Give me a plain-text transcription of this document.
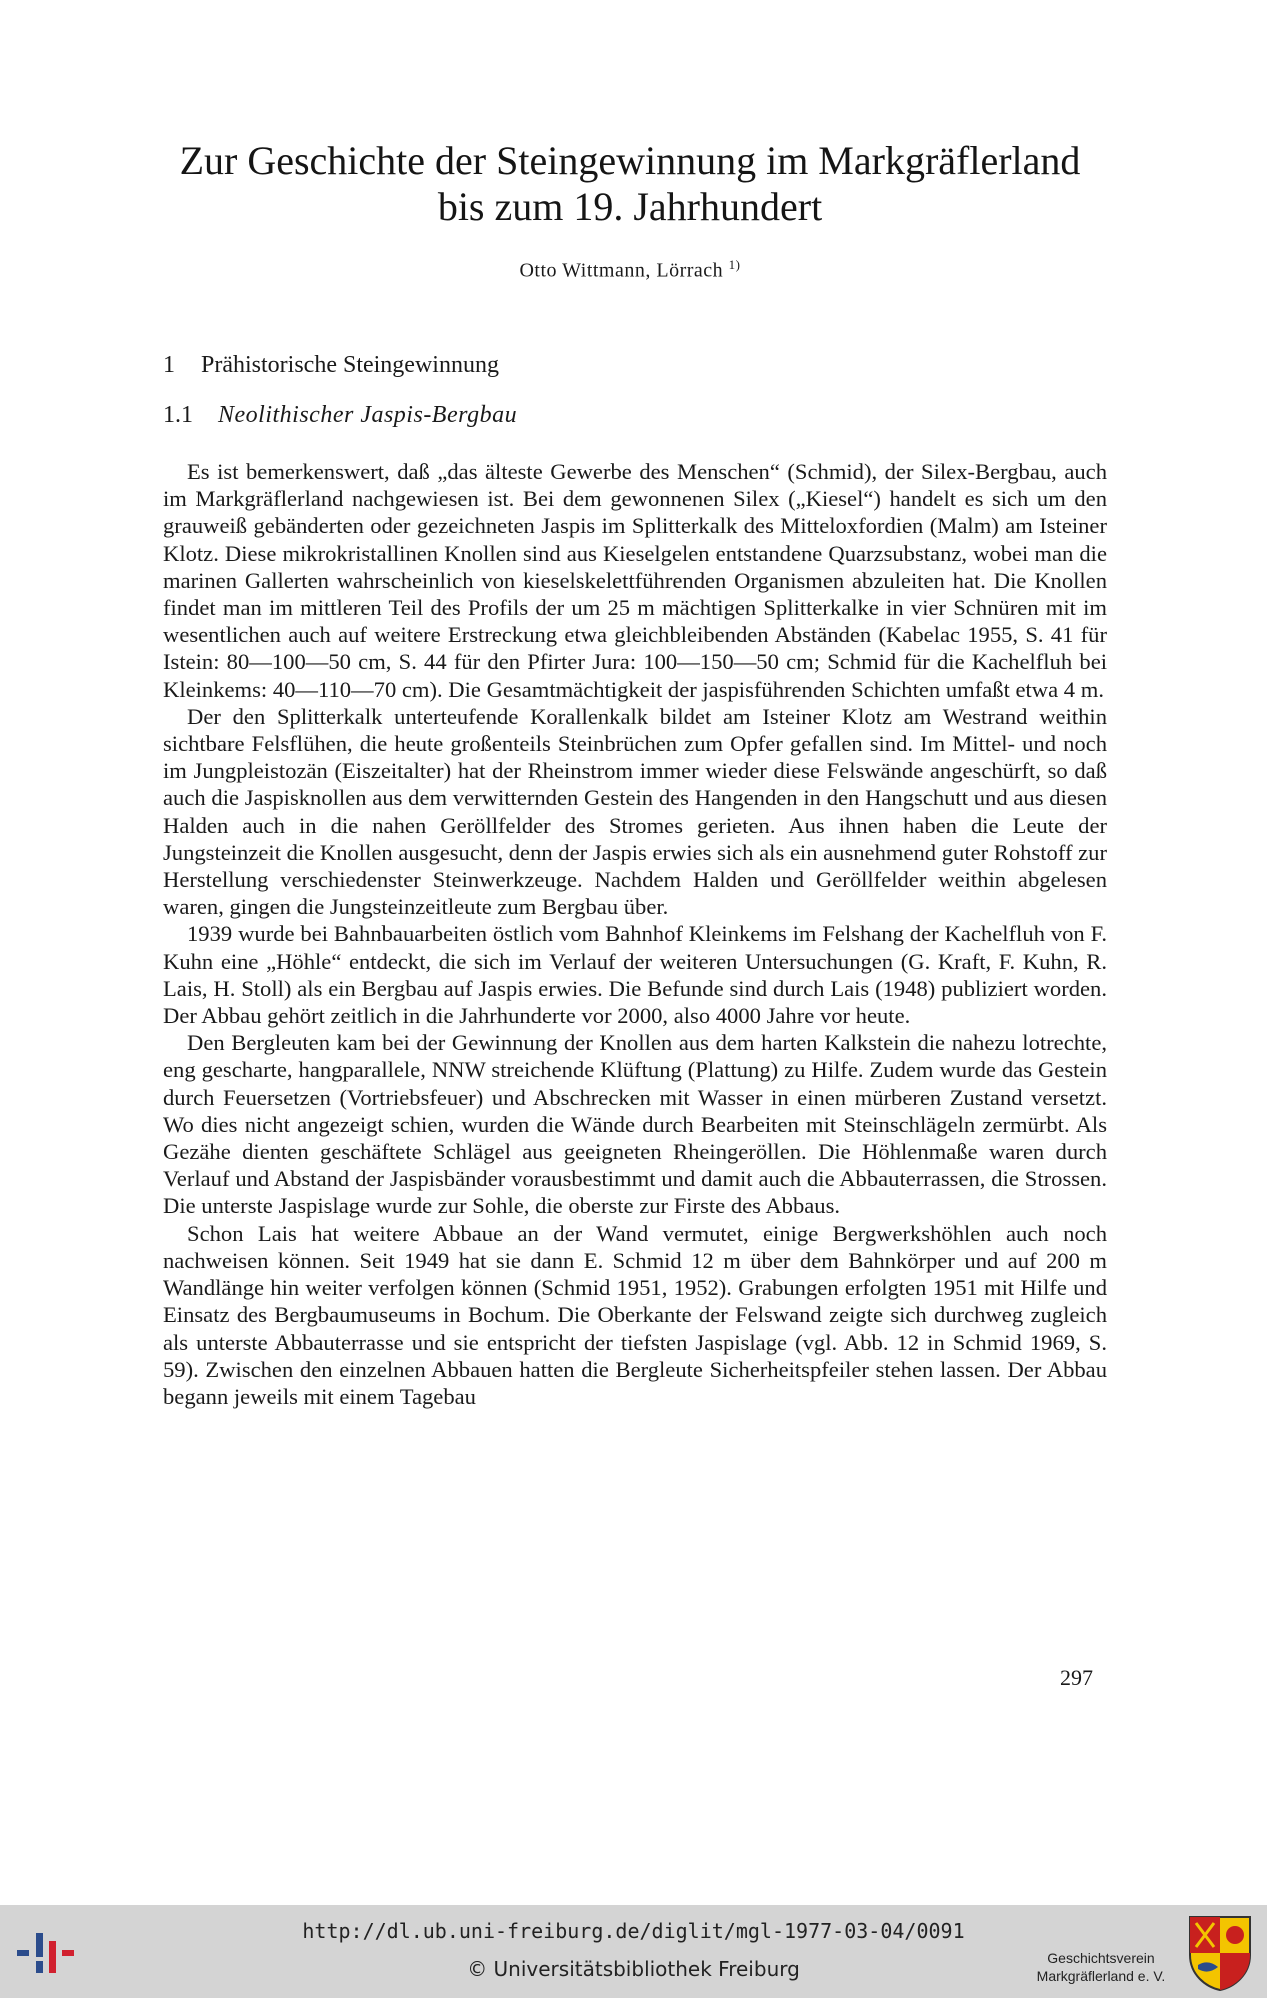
Zur Geschichte der Steingewinnung im Markgräflerland
bis zum 19. Jahrhundert
Otto Wittmann, Lörrach $^{1)}$
1 Prähistorische Steingewinnung
1.1 Neolithischer Jaspis-Bergbau

Es ist bemerkenswert, daß „das älteste Gewerbe des Menschen“ (Schmid), der Silex-Bergbau, auch im Markgräflerland nachgewiesen ist. Bei dem gewonnenen Silex („Kiesel“) handelt es sich um den grauweiß gebänderten oder gezeichneten Jaspis im Splitterkalk des Mitteloxfordien (Malm) am Isteiner Klotz. Diese mikrokristallinen Knollen sind aus Kieselgelen entstandene Quarzsubstanz, wobei man die marinen Gallerten wahrscheinlich von kieselskelettführenden Organismen abzuleiten hat. Die Knollen findet man im mittleren Teil des Profils der um 25 m mächtigen Splitterkalke in vier Schnüren mit im wesentlichen auch auf weitere Erstreckung etwa gleichbleibenden Abständen (Kabelac 1955, S. 41 für Istein: 80—100—50 cm, S. 44 für den Pfirter Jura: 100—150—50 cm; Schmid für die Kachelfluh bei Kleinkems: 40—110—70 cm). Die Gesamtmächtigkeit der jaspisführenden Schichten umfaßt etwa 4 m.

Der den Splitterkalk unterteufende Korallenkalk bildet am Isteiner Klotz am Westrand weithin sichtbare Felsflühen, die heute großenteils Steinbrüchen zum Opfer gefallen sind. Im Mittel- und noch im Jungpleistozän (Eiszeitalter) hat der Rheinstrom immer wieder diese Felswände angeschürft, so daß auch die Jaspisknollen aus dem verwitternden Gestein des Hangenden in den Hangschutt und aus diesen Halden auch in die nahen Geröllfelder des Stromes gerieten. Aus ihnen haben die Leute der Jungsteinzeit die Knollen ausgesucht, denn der Jaspis erwies sich als ein ausnehmend guter Rohstoff zur Herstellung verschiedenster Steinwerkzeuge. Nachdem Halden und Geröllfelder weithin abgelesen waren, gingen die Jungsteinzeitleute zum Bergbau über.

1939 wurde bei Bahnbauarbeiten östlich vom Bahnhof Kleinkems im Felshang der Kachelfluh von F. Kuhn eine „Höhle“ entdeckt, die sich im Verlauf der weiteren Untersuchungen (G. Kraft, F. Kuhn, R. Lais, H. Stoll) als ein Bergbau auf Jaspis erwies. Die Befunde sind durch Lais (1948) publiziert worden. Der Abbau gehört zeitlich in die Jahrhunderte vor 2000, also 4000 Jahre vor heute.

Den Bergleuten kam bei der Gewinnung der Knollen aus dem harten Kalkstein die nahezu lotrechte, eng gescharte, hangparallele, NNW streichende Klüftung (Plattung) zu Hilfe. Zudem wurde das Gestein durch Feuersetzen (Vortriebsfeuer) und Abschrecken mit Wasser in einen mürberen Zustand versetzt. Wo dies nicht angezeigt schien, wurden die Wände durch Bearbeiten mit Steinschlägeln zermürbt. Als Gezähe dienten geschäftete Schlägel aus geeigneten Rheingeröllen. Die Höhlenmaße waren durch Verlauf und Abstand der Jaspisbänder vorausbestimmt und damit auch die Abbauterrassen, die Strossen. Die unterste Jaspislage wurde zur Sohle, die oberste zur Firste des Abbaus.

Schon Lais hat weitere Abbaue an der Wand vermutet, einige Bergwerkshöhlen auch noch nachweisen können. Seit 1949 hat sie dann E. Schmid 12 m über dem Bahnkörper und auf 200 m Wandlänge hin weiter verfolgen können (Schmid 1951, 1952). Grabungen erfolgten 1951 mit Hilfe und Einsatz des Bergbaumuseums in Bochum. Die Oberkante der Felswand zeigte sich durchweg zugleich als unterste Abbauterrasse und sie entspricht der tiefsten Jaspislage (vgl. Abb. 12 in Schmid 1969, S. 59). Zwischen den einzelnen Abbauen hatten die Bergleute Sicherheitspfeiler stehen lassen. Der Abbau begann jeweils mit einem Tagebau

297
http://dl.ub.uni-freiburg.de/diglit/mgl-1977-03-04/0091
© Universitätsbibliothek Freiburg	Geschichtsverein
Markgräflerland e. V.
